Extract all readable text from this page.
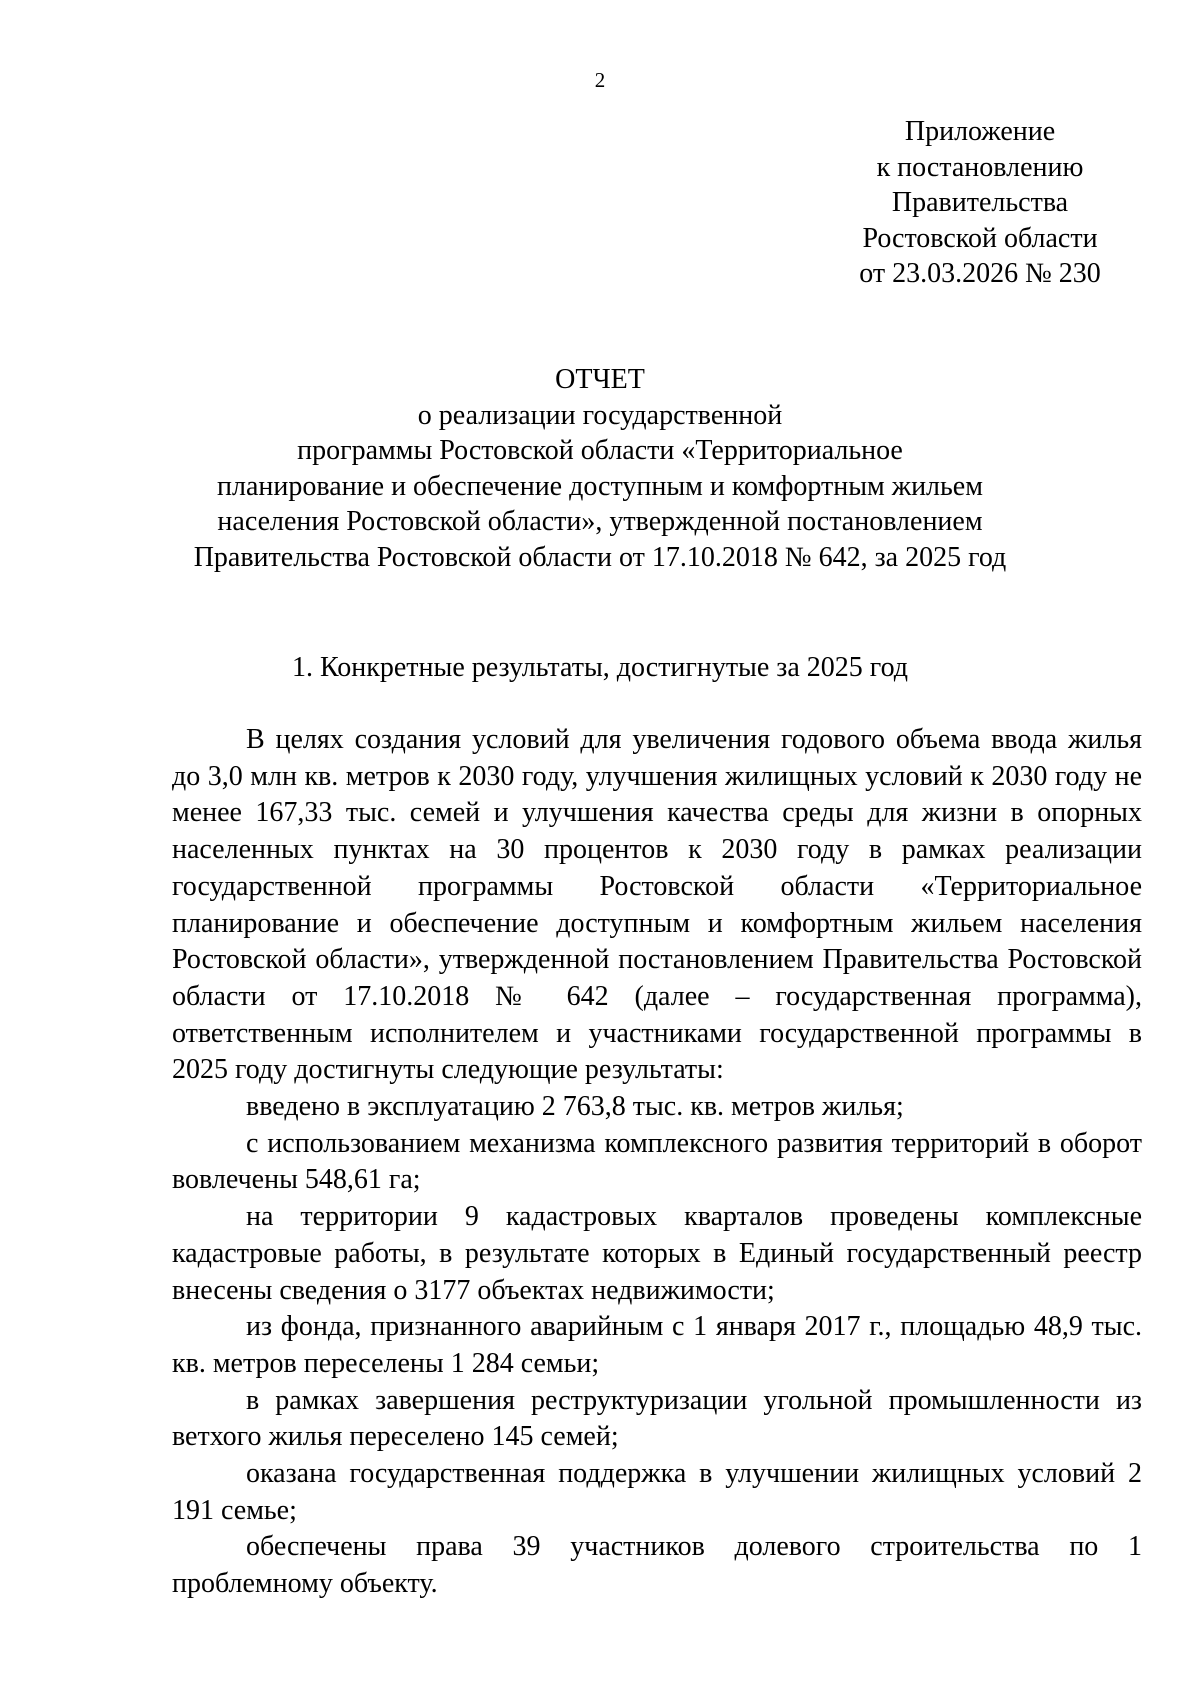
2
Приложение
к постановлению
Правительства
Ростовской области
от 23.03.2026 № 230
ОТЧЕТ
о реализации государственной
программы Ростовской области «Территориальное
планирование и обеспечение доступным и комфортным жильем
населения Ростовской области», утвержденной постановлением
Правительства Ростовской области от 17.10.2018 № 642, за 2025 год
1. Конкретные результаты, достигнутые за 2025 год

В целях создания условий для увеличения годового объема ввода жилья до 3,0 млн кв. метров к 2030 году, улучшения жилищных условий к 2030 году не менее 167,33 тыс. семей и улучшения качества среды для жизни в опорных населенных пунктах на 30 процентов к 2030 году в рамках реализации государственной программы Ростовской области «Территориальное планирование и обеспечение доступным и комфортным жильем населения Ростовской области», утвержденной постановлением Правительства Ростовской области от 17.10.2018 № 642 (далее – государственная программа), ответственным исполнителем и участниками государственной программы в 2025 году достигнуты следующие результаты:

введено в эксплуатацию 2 763,8 тыс. кв. метров жилья;

с использованием механизма комплексного развития территорий в оборот вовлечены 548,61 га;

на территории 9 кадастровых кварталов проведены комплексные кадастровые работы, в результате которых в Единый государственный реестр внесены сведения о 3177 объектах недвижимости;

из фонда, признанного аварийным с 1 января 2017 г., площадью 48,9 тыс. кв. метров переселены 1 284 семьи;

в рамках завершения реструктуризации угольной промышленности из ветхого жилья переселено 145 семей;

оказана государственная поддержка в улучшении жилищных условий 2 191 семье;

обеспечены права 39 участников долевого строительства по 1 проблемному объекту.
